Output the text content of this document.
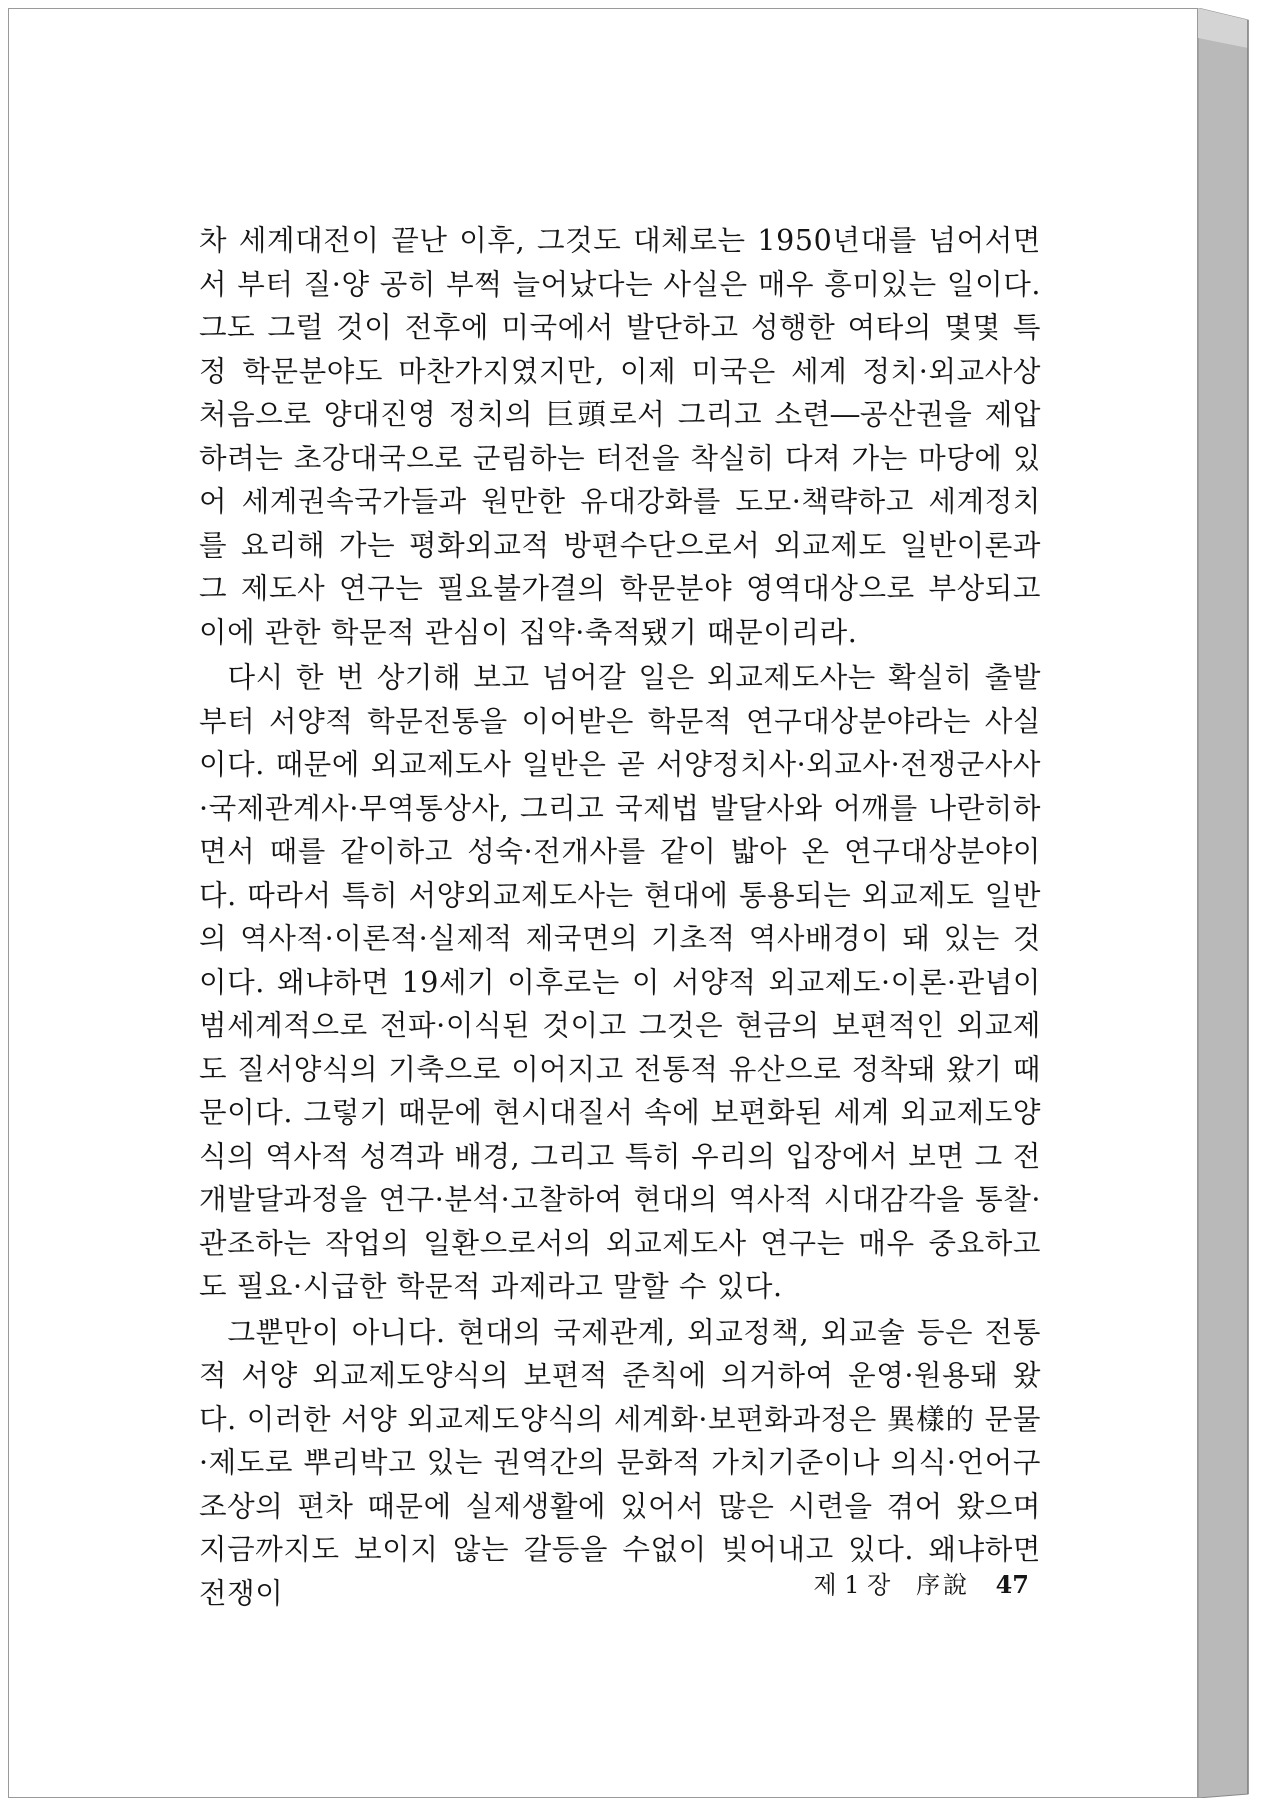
차 세계대전이 끝난 이후, 그것도 대체로는 1950년대를 넘어서면서 부터 질·양 공히 부쩍 늘어났다는 사실은 매우 흥미있는 일이다. 그도 그럴 것이 전후에 미국에서 발단하고 성행한 여타의 몇몇 특정 학문분야도 마찬가지였지만, 이제 미국은 세계 정치·외교사상 처음으로 양대진영 정치의 巨頭로서 그리고 소련―공산권을 제압하려는 초강대국으로 군림하는 터전을 착실히 다져 가는 마당에 있어 세계권속국가들과 원만한 유대강화를 도모·책략하고 세계정치를 요리해 가는 평화외교적 방편수단으로서 외교제도 일반이론과 그 제도사 연구는 필요불가결의 학문분야 영역대상으로 부상되고 이에 관한 학문적 관심이 집약·축적됐기 때문이리라.

다시 한 번 상기해 보고 넘어갈 일은 외교제도사는 확실히 출발부터 서양적 학문전통을 이어받은 학문적 연구대상분야라는 사실이다. 때문에 외교제도사 일반은 곧 서양정치사·외교사·전쟁군사사·국제관계사·무역통상사, 그리고 국제법 발달사와 어깨를 나란히하면서 때를 같이하고 성숙·전개사를 같이 밟아 온 연구대상분야이다. 따라서 특히 서양외교제도사는 현대에 통용되는 외교제도 일반의 역사적·이론적·실제적 제국면의 기초적 역사배경이 돼 있는 것이다. 왜냐하면 19세기 이후로는 이 서양적 외교제도·이론·관념이 범세계적으로 전파·이식된 것이고 그것은 현금의 보편적인 외교제도 질서양식의 기축으로 이어지고 전통적 유산으로 정착돼 왔기 때문이다. 그렇기 때문에 현시대질서 속에 보편화된 세계 외교제도양식의 역사적 성격과 배경, 그리고 특히 우리의 입장에서 보면 그 전개발달과정을 연구·분석·고찰하여 현대의 역사적 시대감각을 통찰·관조하는 작업의 일환으로서의 외교제도사 연구는 매우 중요하고도 필요·시급한 학문적 과제라고 말할 수 있다.

그뿐만이 아니다. 현대의 국제관계, 외교정책, 외교술 등은 전통적 서양 외교제도양식의 보편적 준칙에 의거하여 운영·원용돼 왔다. 이러한 서양 외교제도양식의 세계화·보편화과정은 異樣的 문물·제도로 뿌리박고 있는 권역간의 문화적 가치기준이나 의식·언어구조상의 편차 때문에 실제생활에 있어서 많은 시련을 겪어 왔으며 지금까지도 보이지 않는 갈등을 수없이 빚어내고 있다. 왜냐하면 전쟁이	제 1 장 序說 47
